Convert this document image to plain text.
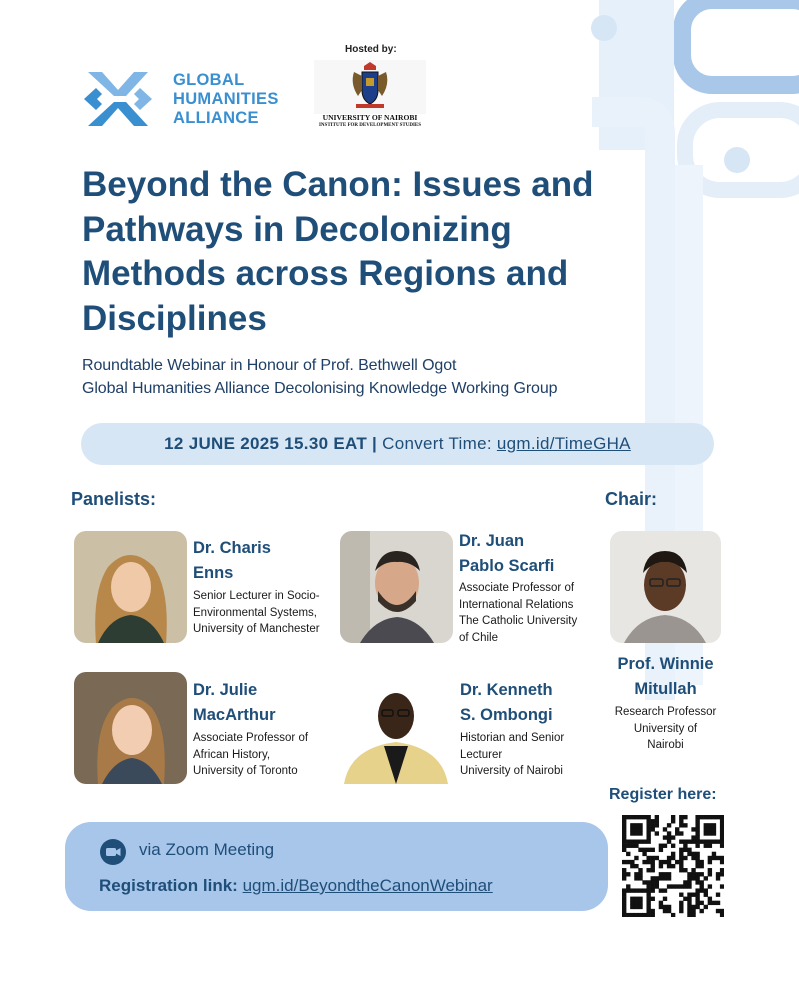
GLOBAL
HUMANITIES
ALLIANCE
Hosted by:
UNIVERSITY OF NAIROBI
INSTITUTE FOR DEVELOPMENT STUDIES
Beyond the Canon: Issues and
Pathways in Decolonizing
Methods across Regions and
Disciplines
Roundtable Webinar in Honour of Prof. Bethwell Ogot
Global Humanities Alliance Decolonising Knowledge Working Group
12 JUNE 2025 15.30 EAT | Convert Time: ugm.id/TimeGHA
Panelists:	Chair:
Dr. Charis
Enns
Senior Lecturer in Socio-
Environmental Systems,
University of Manchester
Dr. Juan
Pablo Scarfi
Associate Professor of
International Relations
The Catholic University
of Chile
Prof. Winnie
Mitullah
Research Professor
University of
Nairobi
Dr. Julie
MacArthur
Associate Professor of
African History,
University of Toronto
Dr. Kenneth
S. Ombongi
Historian and Senior
Lecturer
University of Nairobi
via Zoom Meeting
Registration link: ugm.id/BeyondtheCanonWebinar
Register here:
